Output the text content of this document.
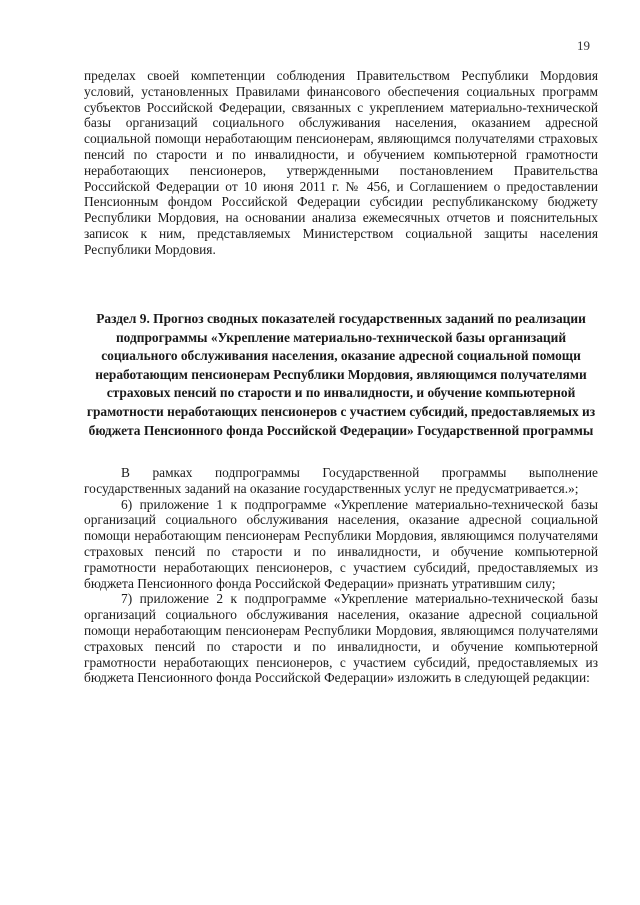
19

пределах своей компетенции соблюдения Правительством Республики Мордовия условий, установленных Правилами финансового обеспечения социальных программ субъектов Российской Федерации, связанных с укреплением материально-технической базы организаций социального обслуживания населения, оказанием адресной социальной помощи неработающим пенсионерам, являющимся получателями страховых пенсий по старости и по инвалидности, и обучением компьютерной грамотности неработающих пенсионеров, утвержденными постановлением Правительства Российской Федерации от 10 июня 2011 г. № 456, и Соглашением о предоставлении Пенсионным фондом Российской Федерации субсидии республиканскому бюджету Республики Мордовия, на основании анализа ежемесячных отчетов и пояснительных записок к ним, представляемых Министерством социальной защиты населения Республики Мордовия.

Раздел 9. Прогноз сводных показателей государственных заданий по реализации подпрограммы «Укрепление материально-технической базы организаций социального обслуживания населения, оказание адресной социальной помощи неработающим пенсионерам Республики Мордовия, являющимся получателями страховых пенсий по старости и по инвалидности, и обучение компьютерной грамотности неработающих пенсионеров с участием субсидий, предоставляемых из бюджета Пенсионного фонда Российской Федерации» Государственной программы

В рамках подпрограммы Государственной программы выполнение государственных заданий на оказание государственных услуг не предусматривается.»;

6) приложение 1 к подпрограмме «Укрепление материально-технической базы организаций социального обслуживания населения, оказание адресной социальной помощи неработающим пенсионерам Республики Мордовия, являющимся получателями страховых пенсий по старости и по инвалидности, и обучение компьютерной грамотности неработающих пенсионеров, с участием субсидий, предоставляемых из бюджета Пенсионного фонда Российской Федерации» признать утратившим силу;

7) приложение 2 к подпрограмме «Укрепление материально-технической базы организаций социального обслуживания населения, оказание адресной социальной помощи неработающим пенсионерам Республики Мордовия, являющимся получателями страховых пенсий по старости и по инвалидности, и обучение компьютерной грамотности неработающих пенсионеров, с участием субсидий, предоставляемых из бюджета Пенсионного фонда Российской Федерации» изложить в следующей редакции:
